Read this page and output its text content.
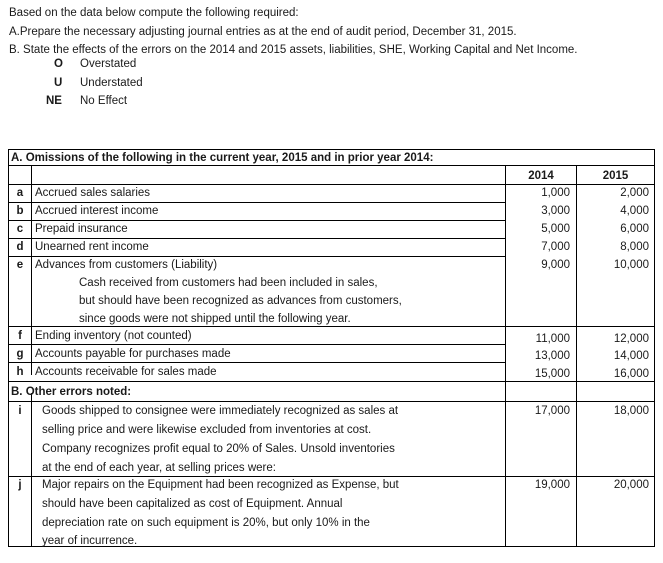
Based on the data below compute the following required:
A.Prepare the necessary adjusting journal entries as at the end of audit period, December 31, 2015.
B. State the effects of the errors on the 2014 and 2015 assets, liabilities, SHE, Working Capital and Net Income.
O	Overstated
U	Understated
NE	No Effect
A. Omissions of the following in the current year, 2015 and in prior year 2014:
2014	2015
a	Accrued sales salaries	1,000	2,000
b Accrued interest income	3,000	4,000
c	Prepaid insurance	5,000	6,000
d Unearned rent income	7,000	8,000
e	Advances from customers (Liability)	9,000	10,000
Cash received from customers had been included in sales,
but should have been recognized as advances from customers,
since goods were not shipped until the following year.
f	Ending inventory (not counted)	11,000	12,000
g Accounts payable for purchases made	13,000	14,000
h Accounts receivable for sales made	15,000	16,000
B. Other errors noted:
i	Goods shipped to consignee were immediately recognized as sales at
selling price and were likewise excluded from inventories at cost.
Company recognizes profit equal to 20% of Sales. Unsold inventories
at the end of each year, at selling prices were:
17,000	18,000
j	Major repairs on the Equipment had been recognized as Expense, but
should have been capitalized as cost of Equipment. Annual
depreciation rate on such equipment is 20%, but only 10% in the
year of incurrence.
19,000	20,000
